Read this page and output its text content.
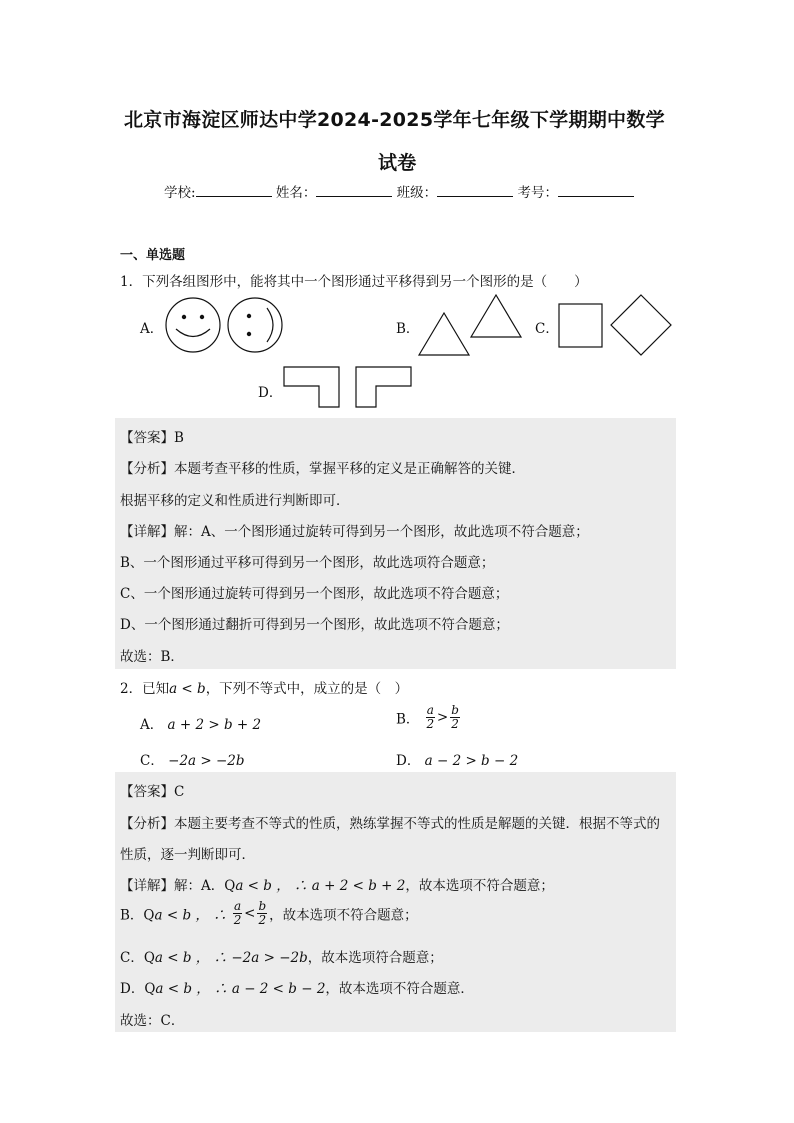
北京市海淀区师达中学2024-2025学年七年级下学期期中数学
试卷
学校:	姓名：	班级：	考号：
一、单选题
1．下列各组图形中，能将其中一个图形通过平移得到另一个图形的是（　　）
A．	B．	C．
D．
【答案】B
【分析】本题考查平移的性质，掌握平移的定义是正确解答的关键．
根据平移的定义和性质进行判断即可．
【详解】解：A、一个图形通过旋转可得到另一个图形，故此选项不符合题意；
B、一个图形通过平移可得到另一个图形，故此选项符合题意；
C、一个图形通过旋转可得到另一个图形，故此选项不符合题意；
D、一个图形通过翻折可得到另一个图形，故此选项不符合题意；
故选：B．
2．已知a < b，下列不等式中，成立的是（　）
A． a + 2 > b + 2	B． $\frac{a}{2} > \frac{b}{2}$
C． −2a > −2b	D． a − 2 > b − 2
【答案】C
【分析】本题主要考查不等式的性质，熟练掌握不等式的性质是解题的关键．根据不等式的
性质，逐一判断即可．
【详解】解：A．Qa < b ， ∴ a + 2 < b + 2，故本选项不符合题意；
B．Qa < b ， ∴ $\frac{a}{2} < \frac{b}{2}$ ，故本选项不符合题意；
C．Qa < b ， ∴ −2a > −2b，故本选项符合题意；
D．Qa < b ， ∴ a − 2 < b − 2，故本选项不符合题意．
故选：C．
